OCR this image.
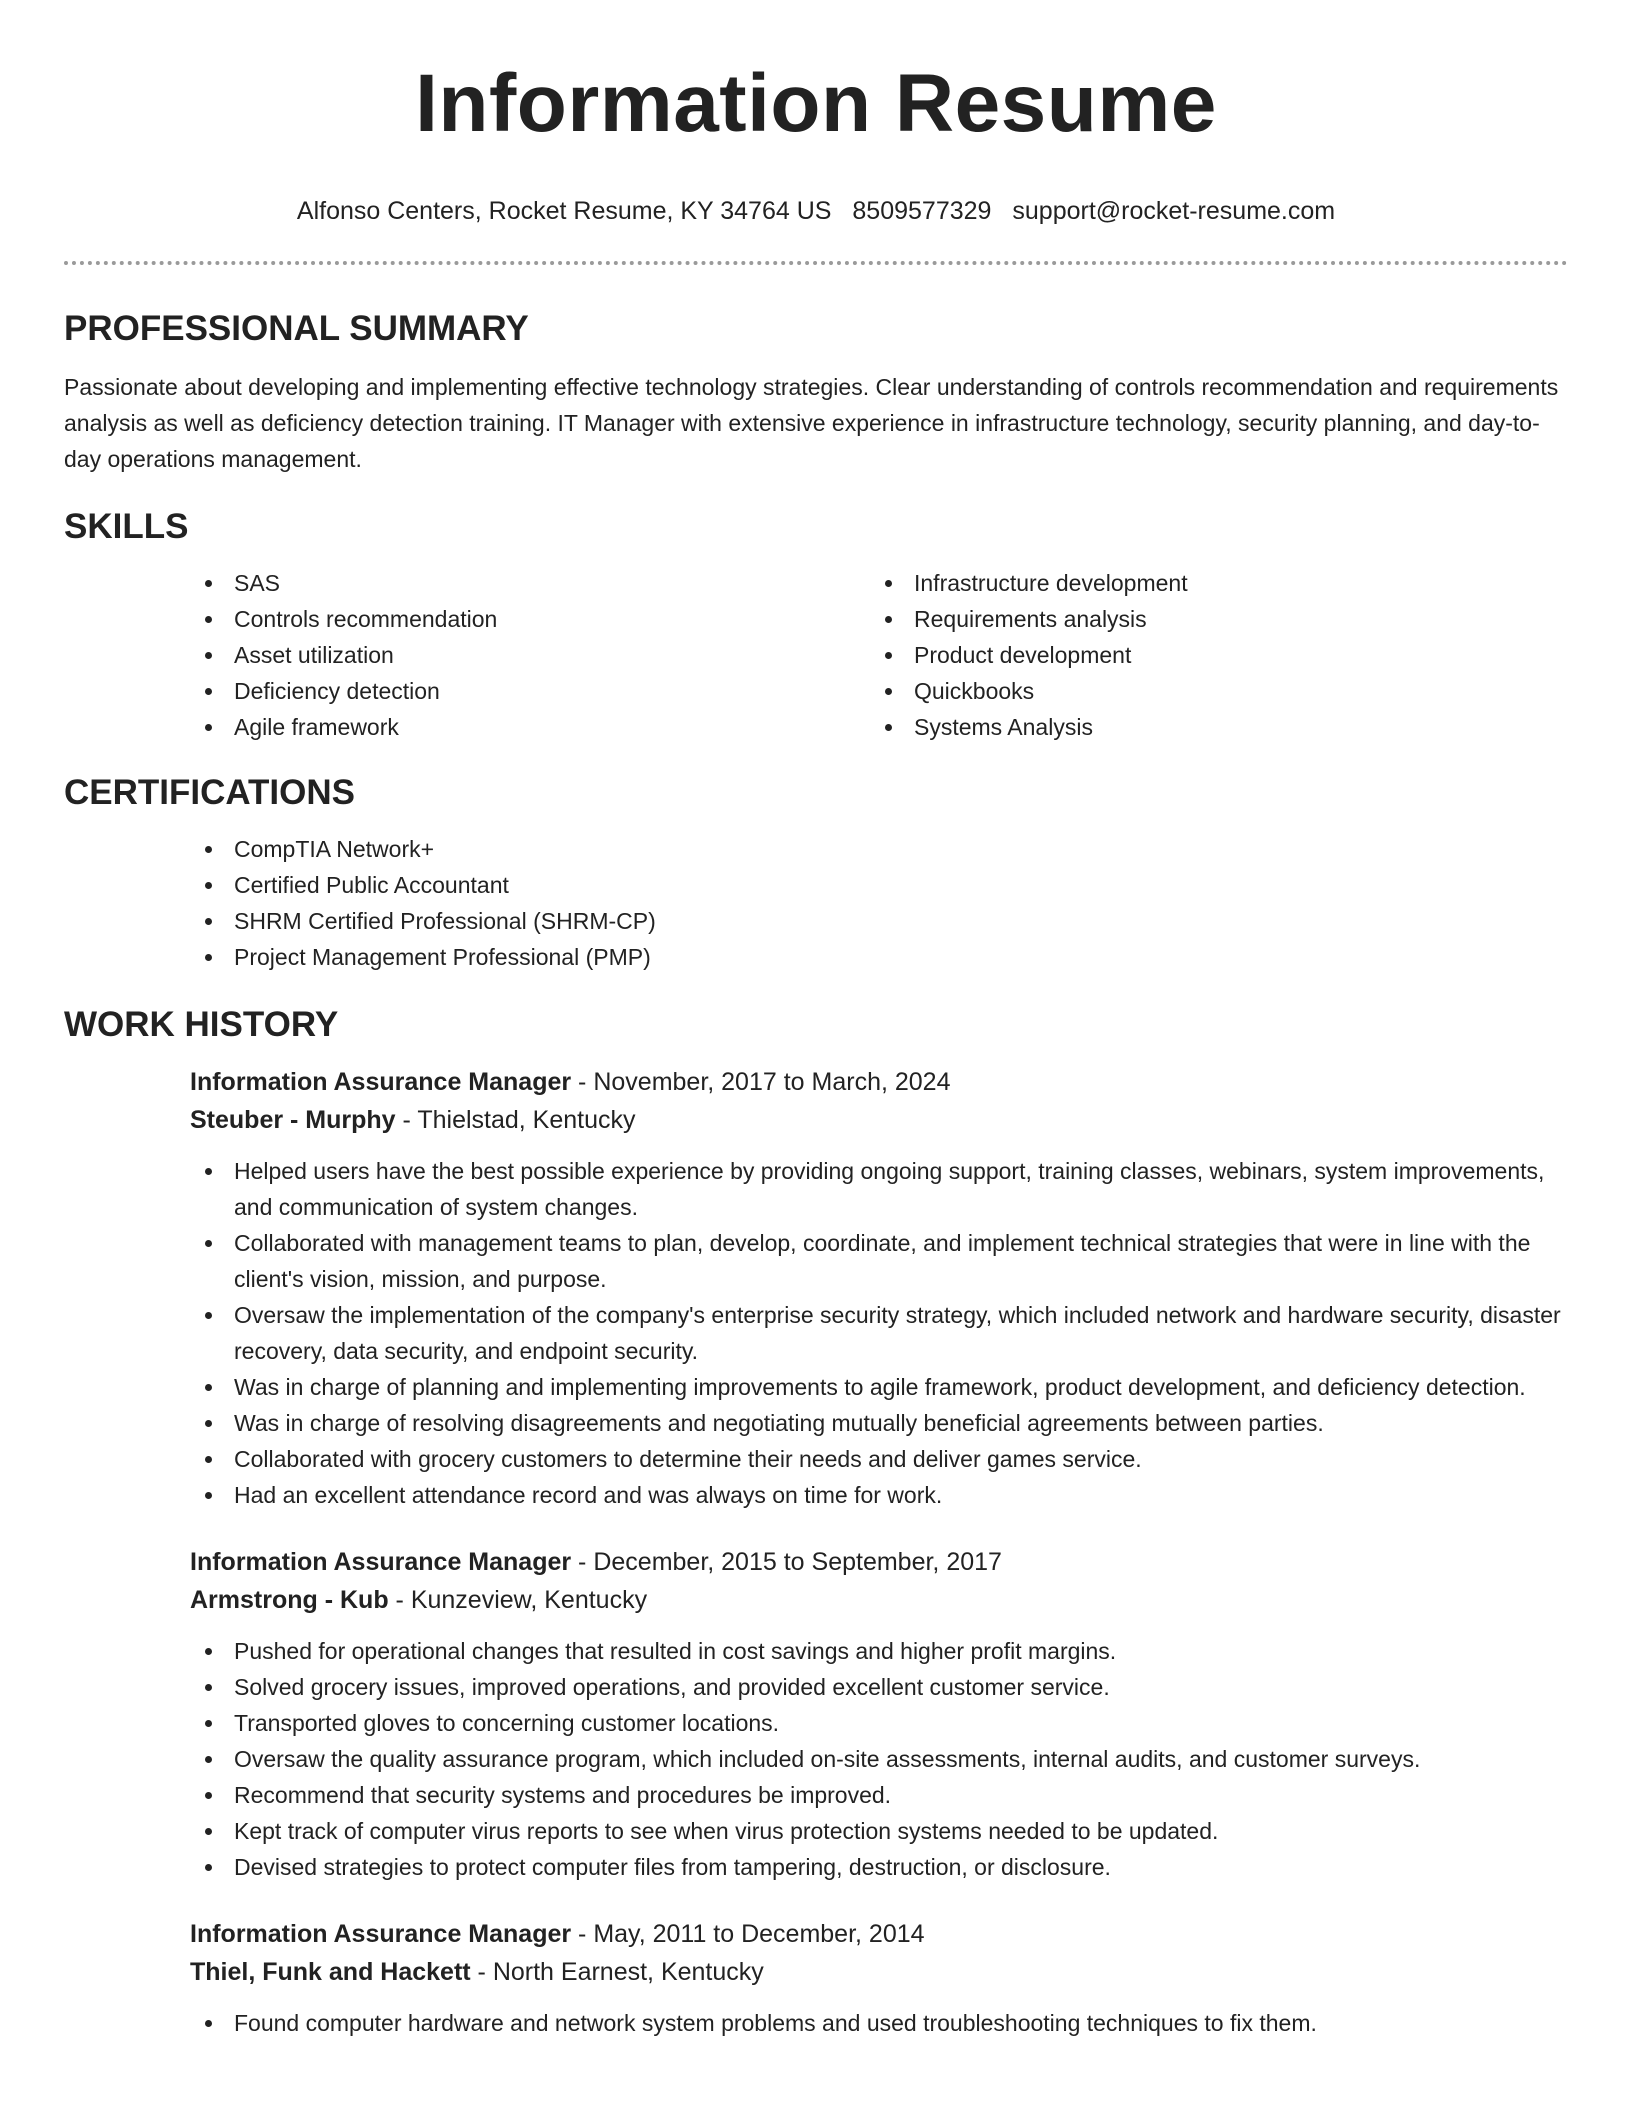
Information Resume
Alfonso Centers, Rocket Resume, KY 34764 US 8509577329 support@rocket-resume.com
PROFESSIONAL SUMMARY

Passionate about developing and implementing effective technology strategies. Clear understanding of controls recommendation and requirements analysis as well as deficiency detection training. IT Manager with extensive experience in infrastructure technology, security planning, and day-to-day operations management.

SKILLS
SAS
Controls recommendation
Asset utilization
Deficiency detection
Agile framework
Infrastructure development
Requirements analysis
Product development
Quickbooks
Systems Analysis
CERTIFICATIONS
CompTIA Network+
Certified Public Accountant
SHRM Certified Professional (SHRM-CP)
Project Management Professional (PMP)
WORK HISTORY
Information Assurance Manager - November, 2017 to March, 2024
Steuber - Murphy - Thielstad, Kentucky
Helped users have the best possible experience by providing ongoing support, training classes, webinars, system improvements, and communication of system changes.
Collaborated with management teams to plan, develop, coordinate, and implement technical strategies that were in line with the client's vision, mission, and purpose.
Oversaw the implementation of the company's enterprise security strategy, which included network and hardware security, disaster recovery, data security, and endpoint security.
Was in charge of planning and implementing improvements to agile framework, product development, and deficiency detection.
Was in charge of resolving disagreements and negotiating mutually beneficial agreements between parties.
Collaborated with grocery customers to determine their needs and deliver games service.
Had an excellent attendance record and was always on time for work.
Information Assurance Manager - December, 2015 to September, 2017
Armstrong - Kub - Kunzeview, Kentucky
Pushed for operational changes that resulted in cost savings and higher profit margins.
Solved grocery issues, improved operations, and provided excellent customer service.
Transported gloves to concerning customer locations.
Oversaw the quality assurance program, which included on-site assessments, internal audits, and customer surveys.
Recommend that security systems and procedures be improved.
Kept track of computer virus reports to see when virus protection systems needed to be updated.
Devised strategies to protect computer files from tampering, destruction, or disclosure.
Information Assurance Manager - May, 2011 to December, 2014
Thiel, Funk and Hackett - North Earnest, Kentucky
Found computer hardware and network system problems and used troubleshooting techniques to fix them.
